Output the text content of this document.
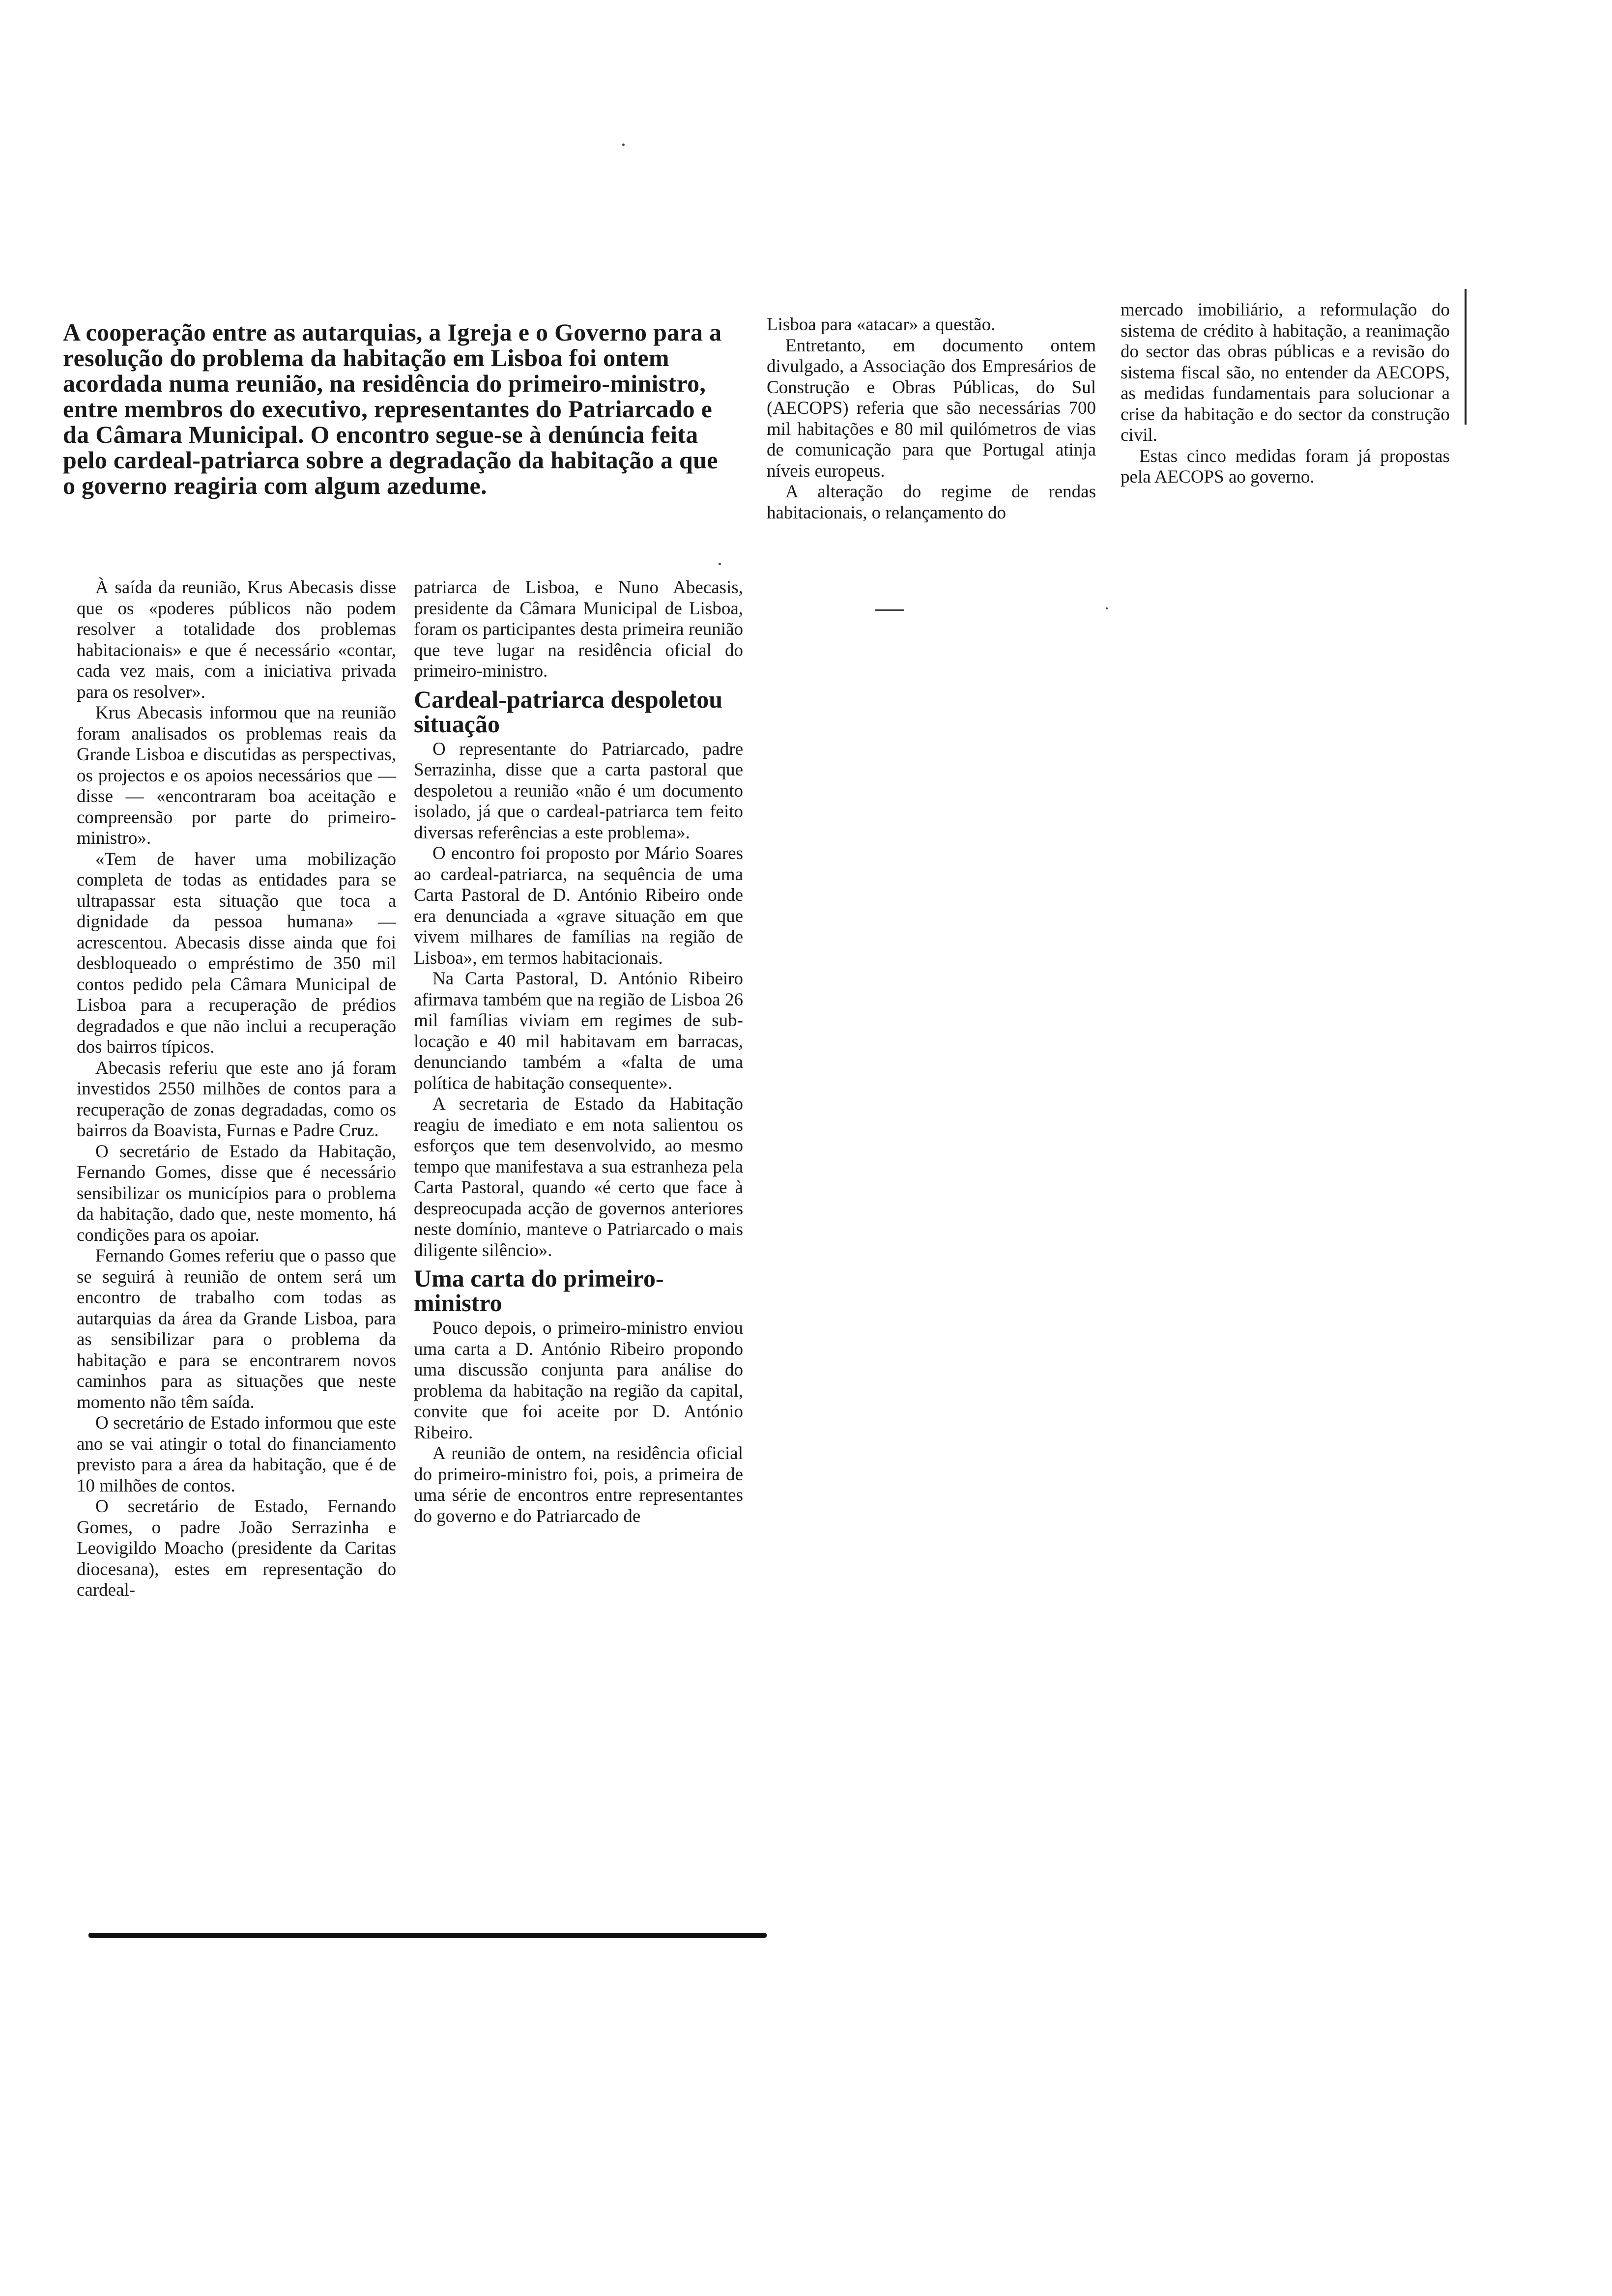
A cooperação entre as autarquias, a Igreja e o Governo para a resolução do problema da habitação em Lisboa foi ontem acordada numa reunião, na residência do primeiro-ministro, entre membros do executivo, representantes do Patriarcado e da Câmara Municipal. O encontro segue-se à denúncia feita pelo cardeal-patriarca sobre a degradação da habitação a que o governo reagiria com algum azedume.

À saída da reunião, Krus Abecasis disse que os «poderes públicos não podem resolver a totalidade dos problemas habitacionais» e que é necessário «contar, cada vez mais, com a iniciativa privada para os resolver».

Krus Abecasis informou que na reunião foram analisados os problemas reais da Grande Lisboa e discutidas as perspectivas, os projectos e os apoios necessários que — disse — «encontraram boa aceitação e compreensão por parte do primeiro-ministro».

«Tem de haver uma mobilização completa de todas as entidades para se ultrapassar esta situação que toca a dignidade da pessoa humana» — acrescentou. Abecasis disse ainda que foi desbloqueado o empréstimo de 350 mil contos pedido pela Câmara Municipal de Lisboa para a recuperação de prédios degradados e que não inclui a recuperação dos bairros típicos.

Abecasis referiu que este ano já foram investidos 2550 milhões de contos para a recuperação de zonas degradadas, como os bairros da Boavista, Furnas e Padre Cruz.

O secretário de Estado da Habitação, Fernando Gomes, disse que é necessário sensibilizar os municípios para o problema da habitação, dado que, neste momento, há condições para os apoiar.

Fernando Gomes referiu que o passo que se seguirá à reunião de ontem será um encontro de trabalho com todas as autarquias da área da Grande Lisboa, para as sensibilizar para o problema da habitação e para se encontrarem novos caminhos para as situações que neste momento não têm saída.

O secretário de Estado informou que este ano se vai atingir o total do financiamento previsto para a área da habitação, que é de 10 milhões de contos.

O secretário de Estado, Fernando Gomes, o padre João Serrazinha e Leovigildo Moacho (presidente da Caritas diocesana), estes em representação do cardeal-

patriarca de Lisboa, e Nuno Abecasis, presidente da Câmara Municipal de Lisboa, foram os participantes desta primeira reunião que teve lugar na residência oficial do primeiro-ministro.

Cardeal-patriarca despoletou situação

O representante do Patriarcado, padre Serrazinha, disse que a carta pastoral que despoletou a reunião «não é um documento isolado, já que o cardeal-patriarca tem feito diversas referências a este problema».

O encontro foi proposto por Mário Soares ao cardeal-patriarca, na sequência de uma Carta Pastoral de D. António Ribeiro onde era denunciada a «grave situação em que vivem milhares de famílias na região de Lisboa», em termos habitacionais.

Na Carta Pastoral, D. António Ribeiro afirmava também que na região de Lisboa 26 mil famílias viviam em regimes de sub-locação e 40 mil habitavam em barracas, denunciando também a «falta de uma política de habitação consequente».

A secretaria de Estado da Habitação reagiu de imediato e em nota salientou os esforços que tem desenvolvido, ao mesmo tempo que manifestava a sua estranheza pela Carta Pastoral, quando «é certo que face à despreocupada acção de governos anteriores neste domínio, manteve o Patriarcado o mais diligente silêncio».

Uma carta do primeiro-ministro

Pouco depois, o primeiro-ministro enviou uma carta a D. António Ribeiro propondo uma discussão conjunta para análise do problema da habitação na região da capital, convite que foi aceite por D. António Ribeiro.

A reunião de ontem, na residência oficial do primeiro-ministro foi, pois, a primeira de uma série de encontros entre representantes do governo e do Patriarcado de

Lisboa para «atacar» a questão.

Entretanto, em documento ontem divulgado, a Associação dos Empresários de Construção e Obras Públicas, do Sul (AECOPS) referia que são necessárias 700 mil habitações e 80 mil quilómetros de vias de comunicação para que Portugal atinja níveis europeus.

A alteração do regime de rendas habitacionais, o relançamento do

mercado imobiliário, a reformulação do sistema de crédito à habitação, a reanimação do sector das obras públicas e a revisão do sistema fiscal são, no entender da AECOPS, as medidas fundamentais para solucionar a crise da habitação e do sector da construção civil.

Estas cinco medidas foram já propostas pela AECOPS ao governo.
